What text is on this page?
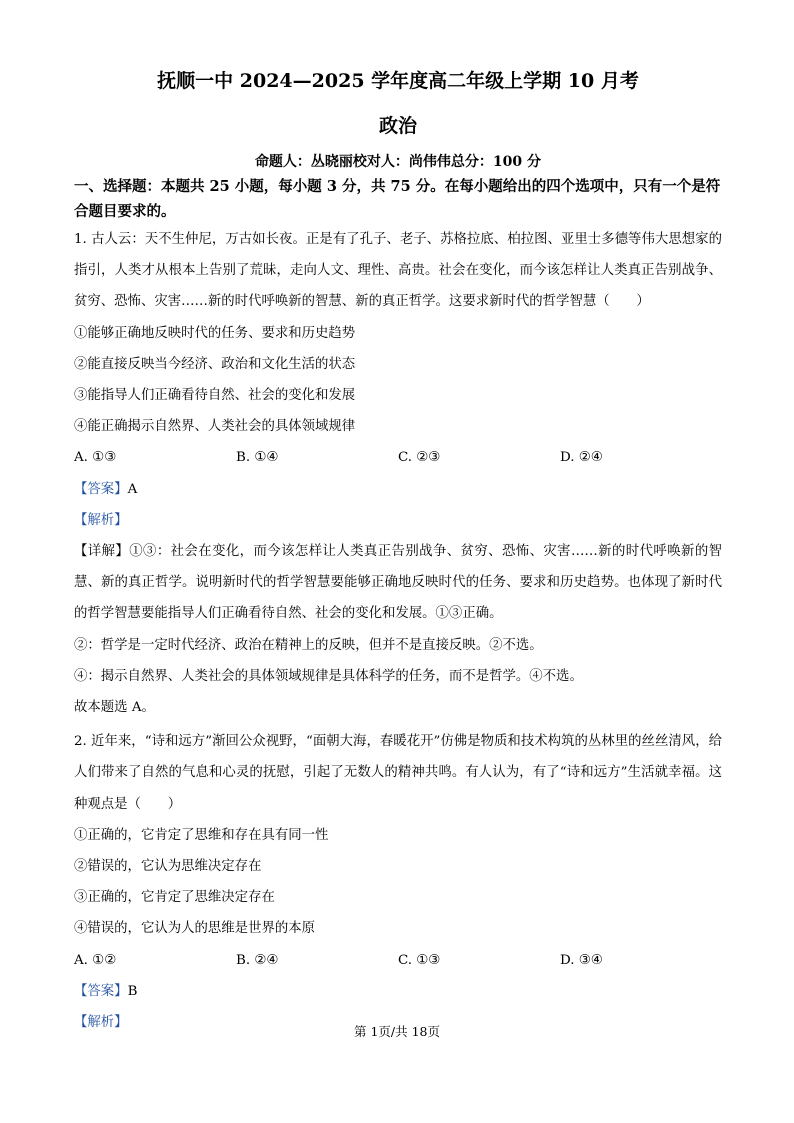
抚顺一中 2024—2025 学年度高二年级上学期 10 月考
政治
命题人：丛晓丽校对人：尚伟伟总分：100 分
一、选择题：本题共 25 小题，每小题 3 分，共 75 分。在每小题给出的四个选项中，只有一个是符合题目要求的。
1. 古人云：天不生仲尼，万古如长夜。正是有了孔子、老子、苏格拉底、柏拉图、亚里士多德等伟大思想家的指引，人类才从根本上告别了荒昧，走向人文、理性、高贵。社会在变化，而今该怎样让人类真正告别战争、贫穷、恐怖、灾害……新的时代呼唤新的智慧、新的真正哲学。这要求新时代的哲学智慧（　　）
①能够正确地反映时代的任务、要求和历史趋势
②能直接反映当今经济、政治和文化生活的状态
③能指导人们正确看待自然、社会的变化和发展
④能正确揭示自然界、人类社会的具体领域规律
A. ①③	B. ①④	C. ②③	D. ②④
【答案】A
【解析】
【详解】①③：社会在变化，而今该怎样让人类真正告别战争、贫穷、恐怖、灾害……新的时代呼唤新的智慧、新的真正哲学。说明新时代的哲学智慧要能够正确地反映时代的任务、要求和历史趋势。也体现了新时代的哲学智慧要能指导人们正确看待自然、社会的变化和发展。①③正确。
②：哲学是一定时代经济、政治在精神上的反映，但并不是直接反映。②不选。
④：揭示自然界、人类社会的具体领域规律是具体科学的任务，而不是哲学。④不选。
故本题选 A。
2. 近年来，“诗和远方”渐回公众视野，“面朝大海，春暖花开”仿佛是物质和技术构筑的丛林里的丝丝清风，给人们带来了自然的气息和心灵的抚慰，引起了无数人的精神共鸣。有人认为，有了“诗和远方”生活就幸福。这种观点是（　　）
①正确的，它肯定了思维和存在具有同一性
②错误的，它认为思维决定存在
③正确的，它肯定了思维决定存在
④错误的，它认为人的思维是世界的本原
A. ①②	B. ②④	C. ①③	D. ③④
【答案】B
【解析】
第 1页/共 18页
